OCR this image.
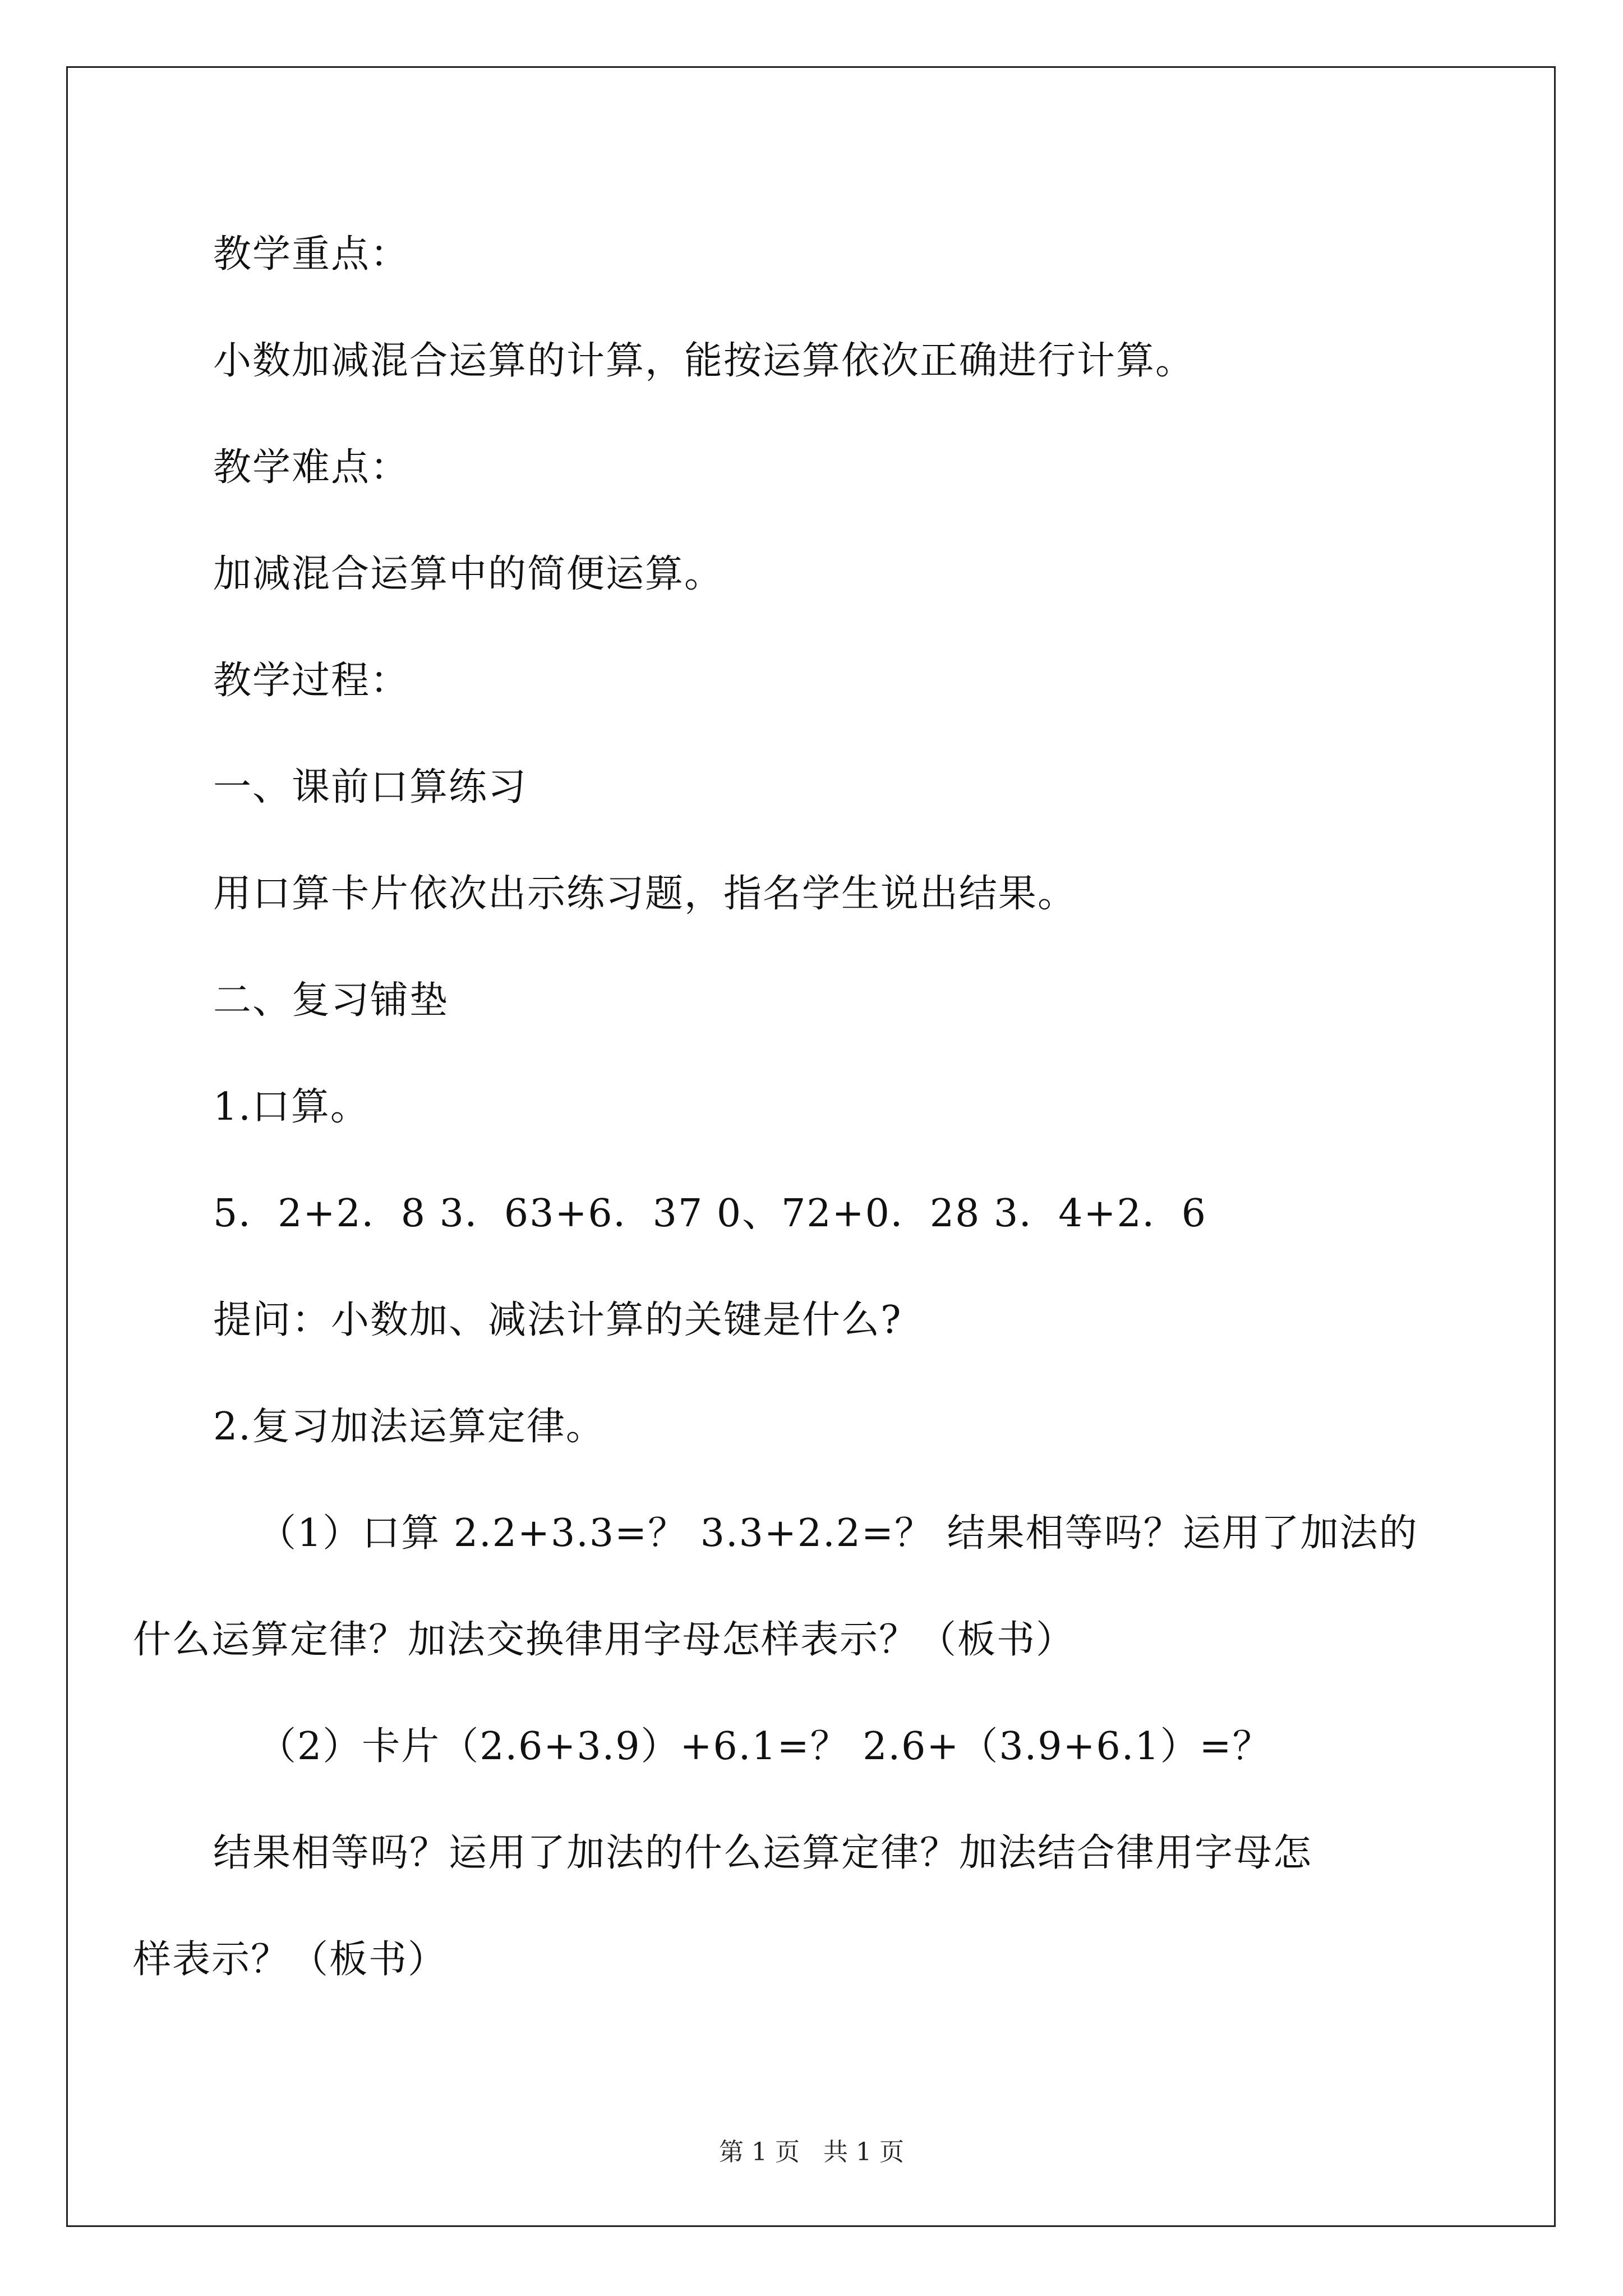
教学重点：
小数加减混合运算的计算，能按运算依次正确进行计算。
教学难点：
加减混合运算中的简便运算。
教学过程：
一、课前口算练习
用口算卡片依次出示练习题，指名学生说出结果。
二、复习铺垫
1.口算。
5．2+2．8 3．63+6．37 0、72+0．28 3．4+2．6
提问：小数加、减法计算的关键是什么?
2.复习加法运算定律。
（1）口算 2.2+3.3=？ 3.3+2.2=？ 结果相等吗？运用了加法的
什么运算定律？加法交换律用字母怎样表示？（板书）
（2）卡片（2.6+3.9）+6.1=？ 2.6+（3.9+6.1）=？
结果相等吗？运用了加法的什么运算定律？加法结合律用字母怎
样表示？（板书）
第 1 页 共 1 页
